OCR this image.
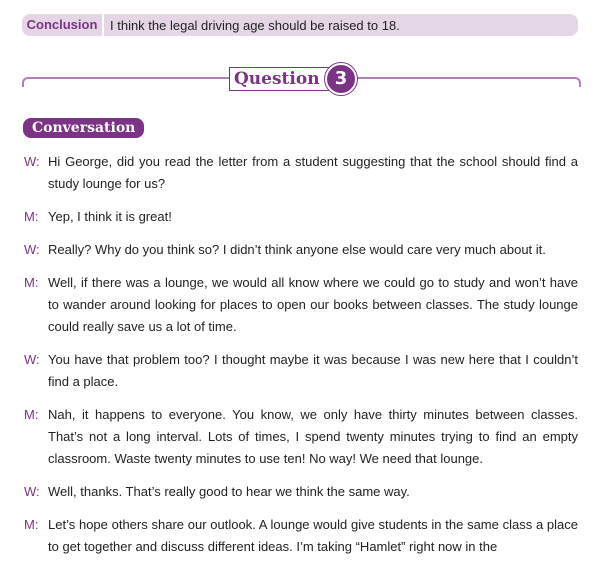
Conclusion I think the legal driving age should be raised to 18.
Question 3
Conversation
W: Hi George, did you read the letter from a student suggesting that the school should find a study lounge for us?
M: Yep, I think it is great!
W: Really? Why do you think so? I didn’t think anyone else would care very much about it.
M: Well, if there was a lounge, we would all know where we could go to study and won’t have to wander around looking for places to open our books between classes. The study lounge could really save us a lot of time.
W: You have that problem too? I thought maybe it was because I was new here that I couldn’t find a place.
M: Nah, it happens to everyone. You know, we only have thirty minutes between classes. That’s not a long interval. Lots of times, I spend twenty minutes trying to find an empty classroom. Waste twenty minutes to use ten! No way! We need that lounge.
W: Well, thanks. That’s really good to hear we think the same way.
M: Let’s hope others share our outlook. A lounge would give students in the same class a place to get together and discuss different ideas. I’m taking “Hamlet” right now in the
